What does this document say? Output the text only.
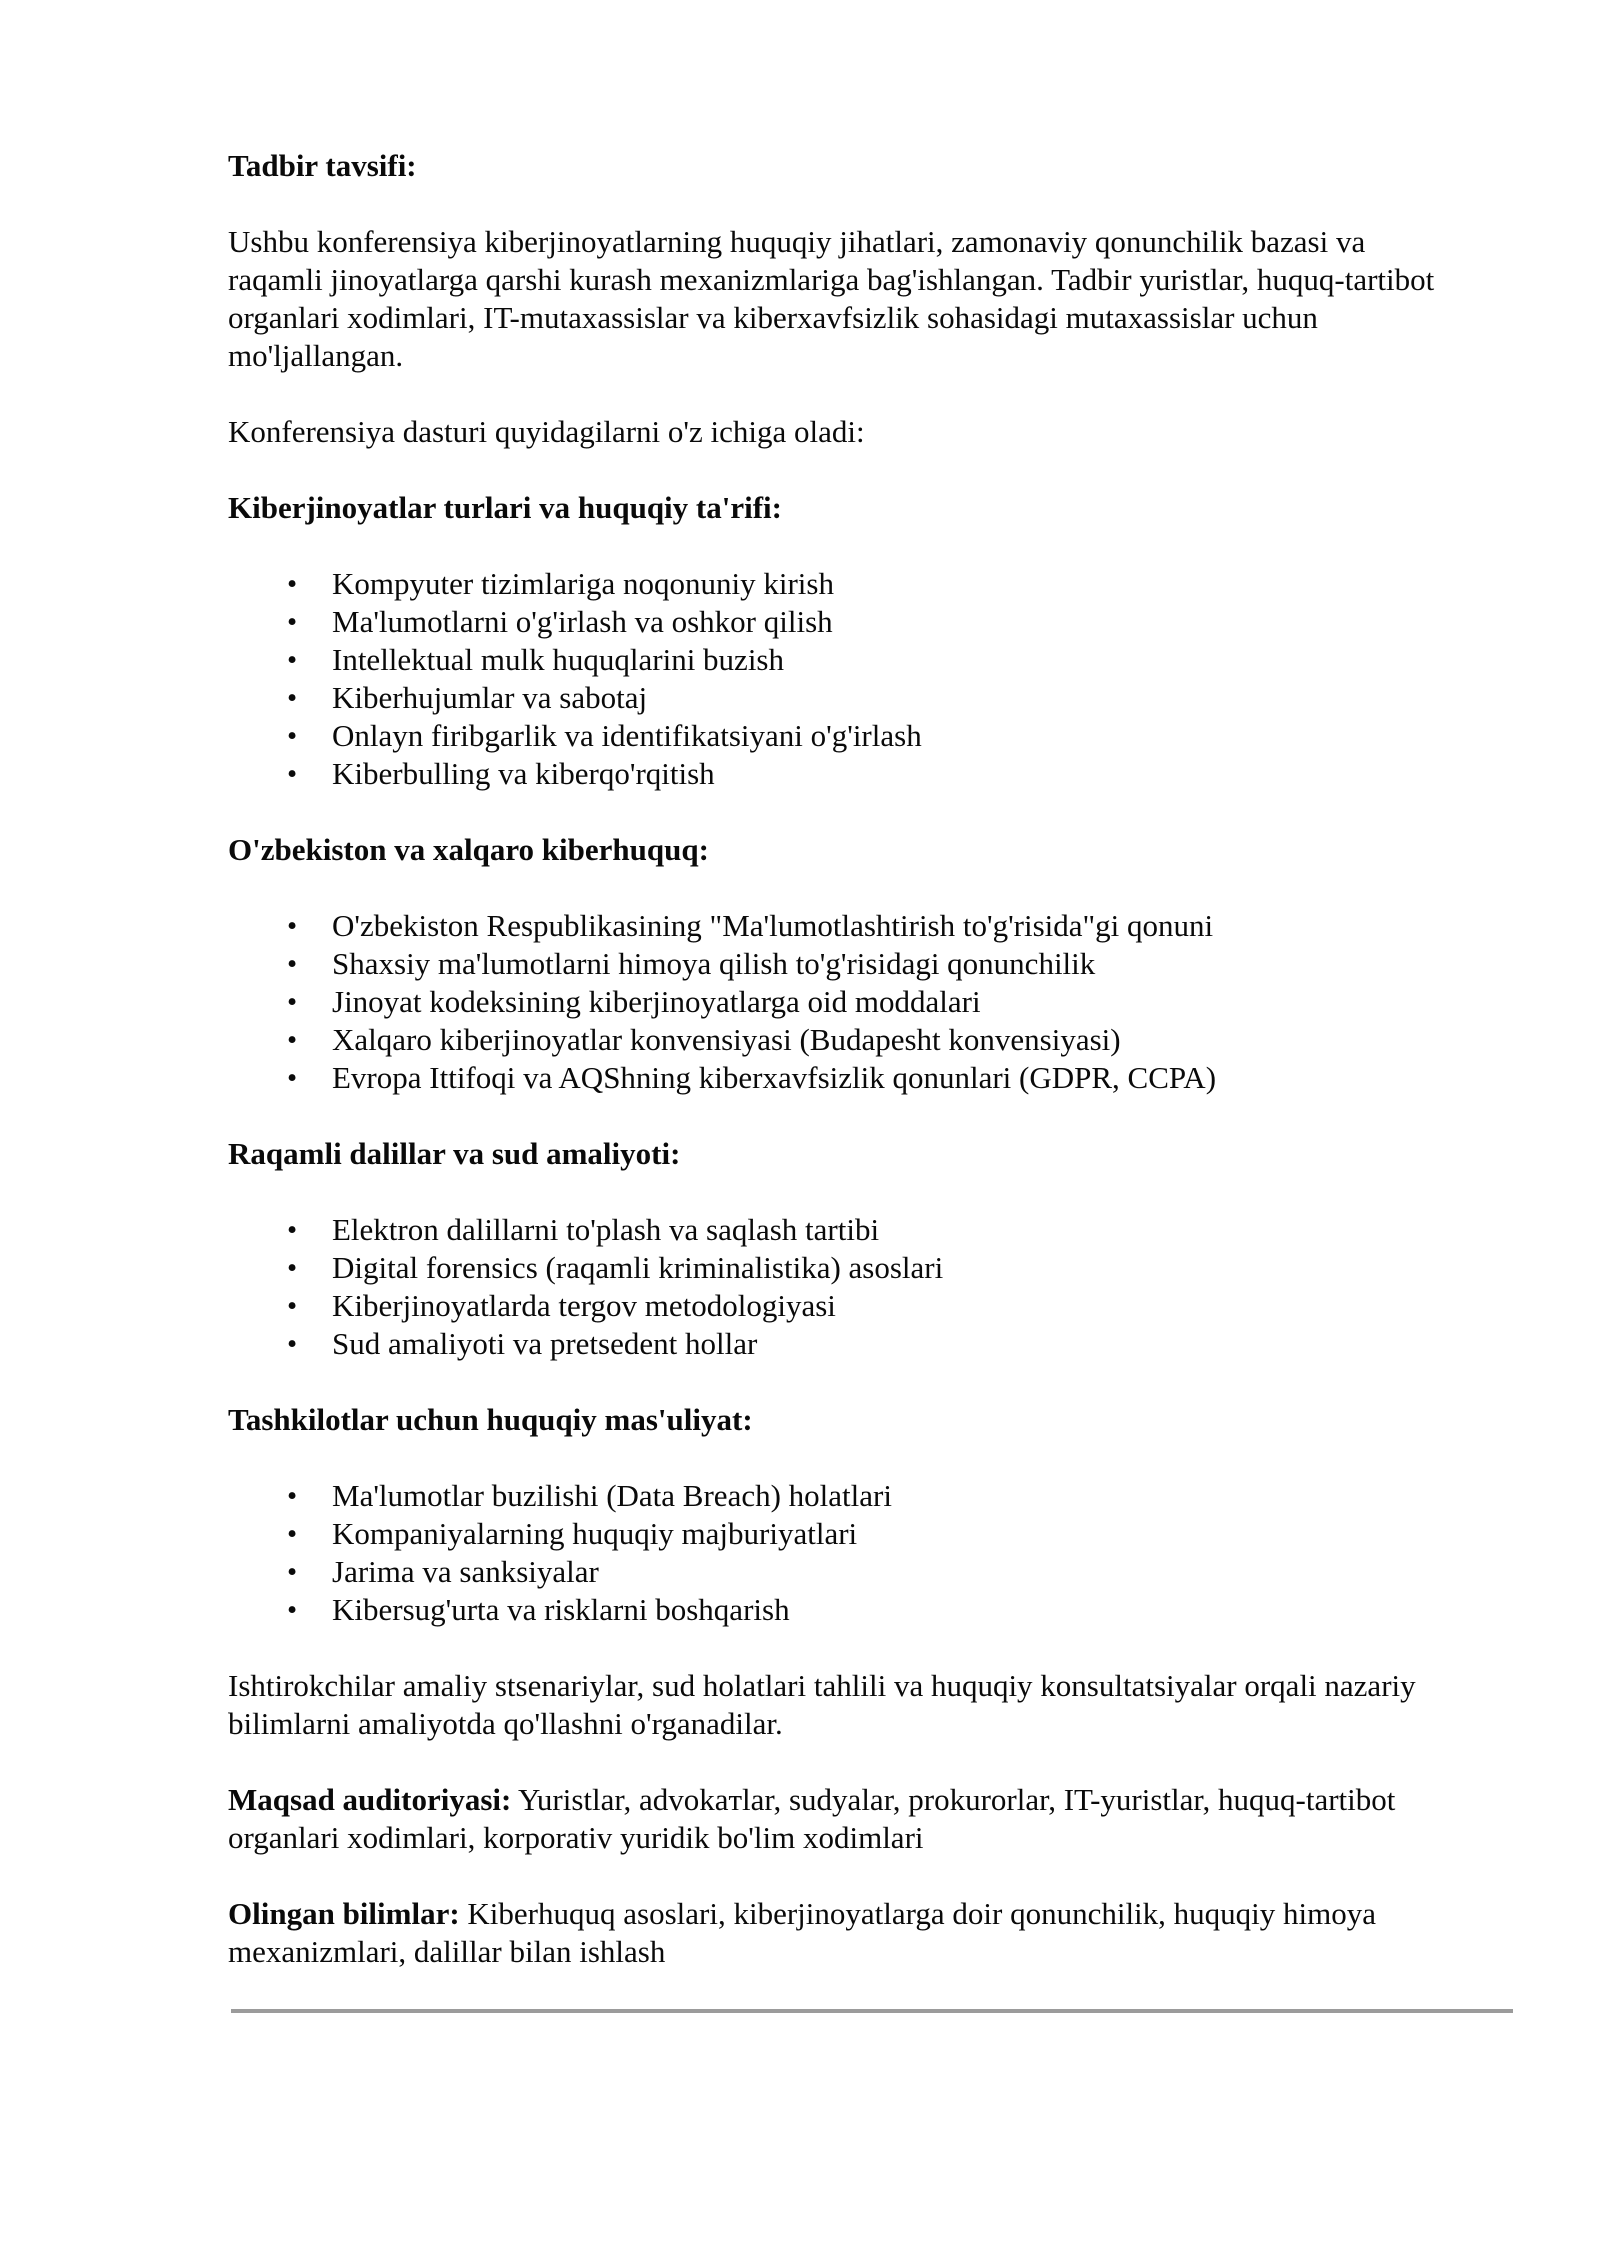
Tadbir tavsifi:

Ushbu konferensiya kiberjinoyatlarning huquqiy jihatlari, zamonaviy qonunchilik bazasi va raqamli jinoyatlarga qarshi kurash mexanizmlariga bag'ishlangan. Tadbir yuristlar, huquq-tartibot organlari xodimlari, IT-mutaxassislar va kiberxavfsizlik sohasidagi mutaxassislar uchun mo'ljallangan.

Konferensiya dasturi quyidagilarni o'z ichiga oladi:

Kiberjinoyatlar turlari va huquqiy ta'rifi:
• Kompyuter tizimlariga noqonuniy kirish
• Ma'lumotlarni o'g'irlash va oshkor qilish
• Intellektual mulk huquqlarini buzish
• Kiberhujumlar va sabotaj
• Onlayn firibgarlik va identifikatsiyani o'g'irlash
• Kiberbulling va kiberqo'rqitish
O'zbekiston va xalqaro kiberhuquq:
• O'zbekiston Respublikasining "Ma'lumotlashtirish to'g'risida"gi qonuni
• Shaxsiy ma'lumotlarni himoya qilish to'g'risidagi qonunchilik
• Jinoyat kodeksining kiberjinoyatlarga oid moddalari
• Xalqaro kiberjinoyatlar konvensiyasi (Budapesht konvensiyasi)
• Evropa Ittifoqi va AQShning kiberxavfsizlik qonunlari (GDPR, CCPA)
Raqamli dalillar va sud amaliyoti:
• Elektron dalillarni to'plash va saqlash tartibi
• Digital forensics (raqamli kriminalistika) asoslari
• Kiberjinoyatlarda tergov metodologiyasi
• Sud amaliyoti va pretsedent hollar
Tashkilotlar uchun huquqiy mas'uliyat:
• Ma'lumotlar buzilishi (Data Breach) holatlari
• Kompaniyalarning huquqiy majburiyatlari
• Jarima va sanksiyalar
• Kibersug'urta va risklarni boshqarish

Ishtirokchilar amaliy stsenariylar, sud holatlari tahlili va huquqiy konsultatsiyalar orqali nazariy bilimlarni amaliyotda qo'llashni o'rganadilar.

Maqsad auditoriyasi: Yuristlar, advokaтlar, sudyalar, prokurorlar, IT-yuristlar, huquq-tartibot organlari xodimlari, korporativ yuridik bo'lim xodimlari

Olingan bilimlar: Kiberhuquq asoslari, kiberjinoyatlarga doir qonunchilik, huquqiy himoya mexanizmlari, dalillar bilan ishlash
